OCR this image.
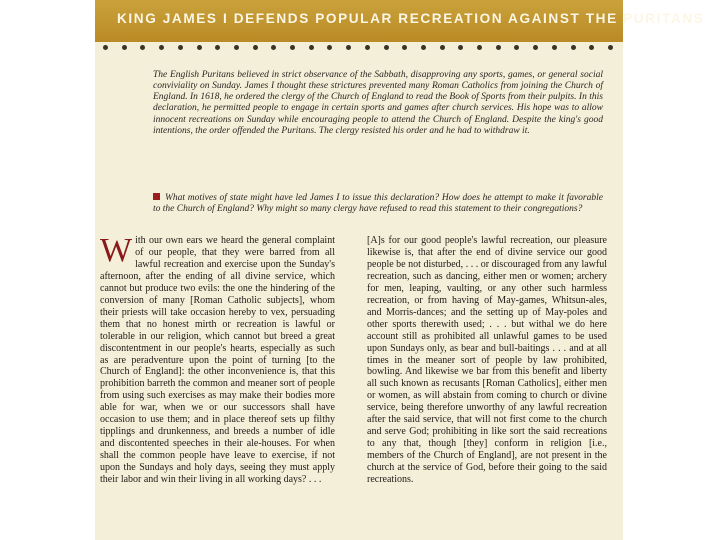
KING JAMES I DEFENDS POPULAR RECREATION AGAINST THE PURITANS

The English Puritans believed in strict observance of the Sabbath, disapproving any sports, games, or general social conviviality on Sunday. James I thought these strictures prevented many Roman Catholics from joining the Church of England. In 1618, he ordered the clergy of the Church of England to read the Book of Sports from their pulpits. In this declaration, he permitted people to engage in certain sports and games after church services. His hope was to allow innocent recreations on Sunday while encouraging people to attend the Church of England. Despite the king's good intentions, the order offended the Puritans. The clergy resisted his order and he had to withdraw it.

What motives of state might have led James I to issue this declaration? How does he attempt to make it favorable to the Church of England? Why might so many clergy have refused to read this statement to their congregations?

With our own ears we heard the general complaint of our people, that they were barred from all lawful recreation and exercise upon the Sunday's afternoon, after the ending of all divine service, which cannot but produce two evils: the one the hindering of the conversion of many [Roman Catholic subjects], whom their priests will take occasion hereby to vex, persuading them that no honest mirth or recreation is lawful or tolerable in our religion, which cannot but breed a great discontentment in our people's hearts, especially as such as are peradventure upon the point of turning [to the Church of England]: the other inconvenience is, that this prohibition barreth the common and meaner sort of people from using such exercises as may make their bodies more able for war, when we or our successors shall have occasion to use them; and in place thereof sets up filthy tipplings and drunkenness, and breeds a number of idle and discontented speeches in their ale-houses. For when shall the common people have leave to exercise, if not upon the Sundays and holy days, seeing they must apply their labor and win their living in all working days? . . .
[A]s for our good people's lawful recreation, our pleasure likewise is, that after the end of divine service our good people be not disturbed, . . . or discouraged from any lawful recreation, such as dancing, either men or women; archery for men, leaping, vaulting, or any other such harmless recreation, or from having of May-games, Whitsun-ales, and Morris-dances; and the setting up of May-poles and other sports therewith used; . . . but withal we do here account still as prohibited all unlawful games to be used upon Sundays only, as bear and bull-baitings . . . and at all times in the meaner sort of people by law prohibited, bowling. And likewise we bar from this benefit and liberty all such known as recusants [Roman Catholics], either men or women, as will abstain from coming to church or divine service, being therefore unworthy of any lawful recreation after the said service, that will not first come to the church and serve God; prohibiting in like sort the said recreations to any that, though [they] conform in religion [i.e., members of the Church of England], are not present in the church at the service of God, before their going to the said recreations.
